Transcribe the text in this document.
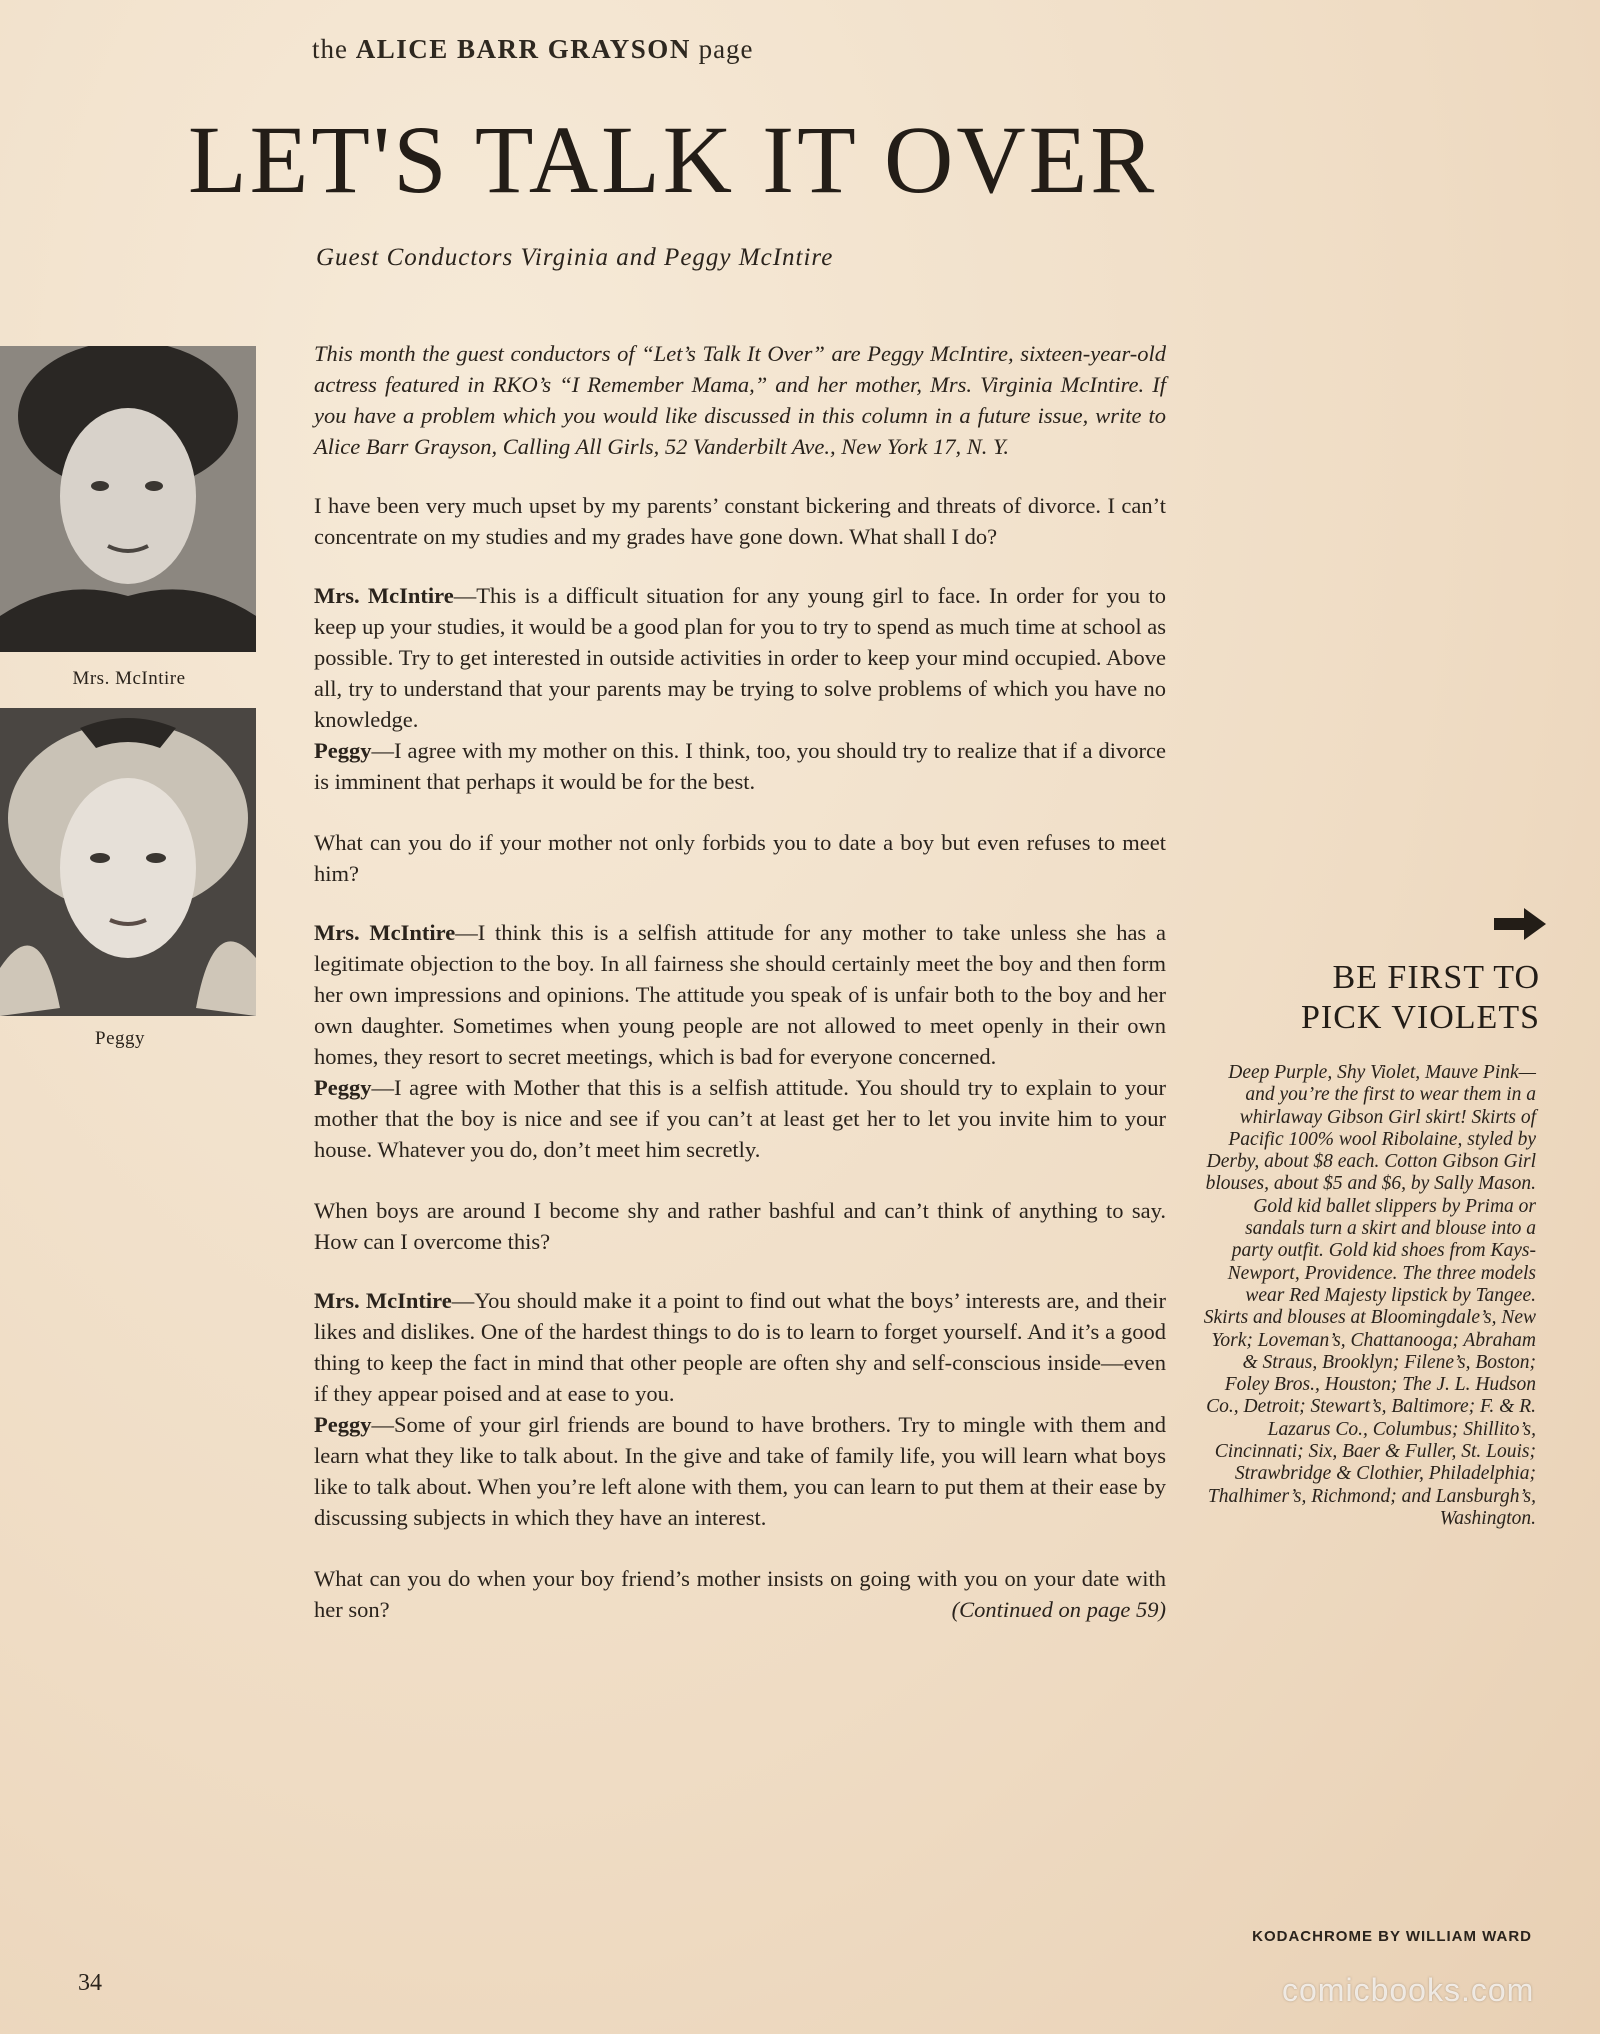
the ALICE BARR GRAYSON page
LET'S TALK IT OVER
Guest Conductors Virginia and Peggy McIntire
Mrs. McIntire
Peggy

This month the guest conductors of “Let’s Talk It Over” are Peggy McIntire, sixteen-year-old actress featured in RKO’s “I Remember Mama,” and her mother, Mrs. Virginia McIntire. If you have a problem which you would like discussed in this column in a future issue, write to Alice Barr Grayson, Calling All Girls, 52 Vanderbilt Ave., New York 17, N. Y.

I have been very much upset by my parents’ constant bickering and threats of divorce. I can’t concentrate on my studies and my grades have gone down. What shall I do?

Mrs. McIntire—This is a difficult situation for any young girl to face. In order for you to keep up your studies, it would be a good plan for you to try to spend as much time at school as possible. Try to get interested in outside activities in order to keep your mind occupied. Above all, try to understand that your parents may be trying to solve problems of which you have no knowledge.

Peggy—I agree with my mother on this. I think, too, you should try to realize that if a divorce is imminent that perhaps it would be for the best.

What can you do if your mother not only forbids you to date a boy but even refuses to meet him?

Mrs. McIntire—I think this is a selfish attitude for any mother to take unless she has a legitimate objection to the boy. In all fairness she should certainly meet the boy and then form her own impressions and opinions. The attitude you speak of is unfair both to the boy and her own daughter. Sometimes when young people are not allowed to meet openly in their own homes, they resort to secret meetings, which is bad for everyone concerned.

Peggy—I agree with Mother that this is a selfish attitude. You should try to explain to your mother that the boy is nice and see if you can’t at least get her to let you invite him to your house. Whatever you do, don’t meet him secretly.

When boys are around I become shy and rather bashful and can’t think of anything to say. How can I overcome this?

Mrs. McIntire—You should make it a point to find out what the boys’ interests are, and their likes and dislikes. One of the hardest things to do is to learn to forget yourself. And it’s a good thing to keep the fact in mind that other people are often shy and self-conscious inside—even if they appear poised and at ease to you.

Peggy—Some of your girl friends are bound to have brothers. Try to mingle with them and learn what they like to talk about. In the give and take of family life, you will learn what boys like to talk about. When you’re left alone with them, you can learn to put them at their ease by discussing subjects in which they have an interest.

What can you do when your boy friend’s mother insists on going with you on your date with her son?	(Continued on page 59)

BE FIRST TO
PICK VIOLETS
Deep Purple, Shy Violet, Mauve Pink—and you’re the first to wear them in a whirlaway Gibson Girl skirt! Skirts of Pacific 100% wool Ribolaine, styled by Derby, about $8 each. Cotton Gibson Girl blouses, about $5 and $6, by Sally Mason. Gold kid ballet slippers by Prima or sandals turn a skirt and blouse into a party outfit. Gold kid shoes from Kays-Newport, Providence. The three models wear Red Majesty lipstick by Tangee. Skirts and blouses at Bloomingdale’s, New York; Loveman’s, Chattanooga; Abraham & Straus, Brooklyn; Filene’s, Boston; Foley Bros., Houston; The J. L. Hudson Co., Detroit; Stewart’s, Baltimore; F. & R. Lazarus Co., Columbus; Shillito’s, Cincinnati; Six, Baer & Fuller, St. Louis; Strawbridge & Clothier, Philadelphia; Thalhimer’s, Richmond; and Lansburgh’s, Washington.
KODACHROME BY WILLIAM WARD
34	comicbooks.com
